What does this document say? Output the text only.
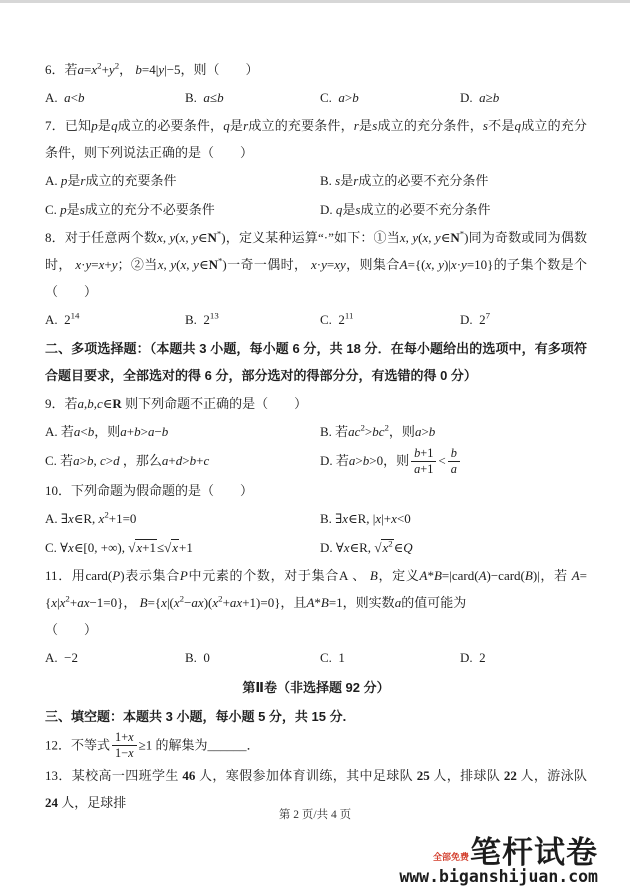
6．若$a=x^2+y^2$， b=4|y|−5，则（  ）

A.  a<b	B.  a≤b	C.  a>b	D.  a≥b

7．已知p是q成立的必要条件，q是r成立的充要条件，r是s成立的充分条件，s不是q成立的充分条件，则下列说法正确的是（  ）

A. p是r成立的充要条件	B. s是r成立的必要不充分条件
C. p是s成立的充分不必要条件	D. q是s成立的必要不充分条件

8．对于任意两个数x, y(x, y∈N*)，定义某种运算“·”如下：①当x, y(x, y∈N*)同为奇数或同为偶数时， x·y=x+y；②当x, y(x, y∈N*)一奇一偶时， x·y=xy，则集合A={(x, y)|x·y=10}的子集个数是个（  ）

A.  $2^{14}$	B.  $2^{13}$	C.  $2^{11}$	D.  $2^7$

二、多项选择题：（本题共 3 小题，每小题 6 分，共 18 分．在每小题给出的选项中，有多项符合题目要求，全部选对的得 6 分，部分选对的得部分分，有选错的得 0 分）

9．若a,b,c∈R 则下列命题不正确的是（  ）

A. 若a<b，则a+b>a−b	B. 若$ac^2>bc^2$，则a>b
C. 若a>b, c>d ，那么a+d>b+c	D. 若a>b>0，则 $\frac{b+1}{a+1} < \frac{b}{a}$

10．下列命题为假命题的是（  ）

A. ∃x∈R, $x^2+1=0$	B. ∃x∈R, |x|+x<0
C. ∀x∈[0, +∞), √x+1≤√x+1	D. ∀x∈R, $√x^2\in Q$

11．用card(P)表示集合P中元素的个数，对于集合A 、 B，定义A*B=|card(A)−card(B)|，若 $A=\{x|x^2+ax-1=0\}$， $B=\{x|(x^2-ax)(x^2+ax+1)=0\}$，且A*B=1，则实数a的值可能为
（  ）

A.  −2	B.  0	C.  1	D.  2

第Ⅱ卷（非选择题 92 分）

三、填空题：本题共 3 小题，每小题 5 分，共 15 分.

12．不等式 $\frac{1+x}{1-x} \ge 1$ 的解集为______．

13．某校高一四班学生 46 人，寒假参加体育训练，其中足球队 25 人，排球队 22 人，游泳队 24 人，足球排

第 2 页/共 4 页
全部免费 笔杆试卷
www.biganshijuan.com
